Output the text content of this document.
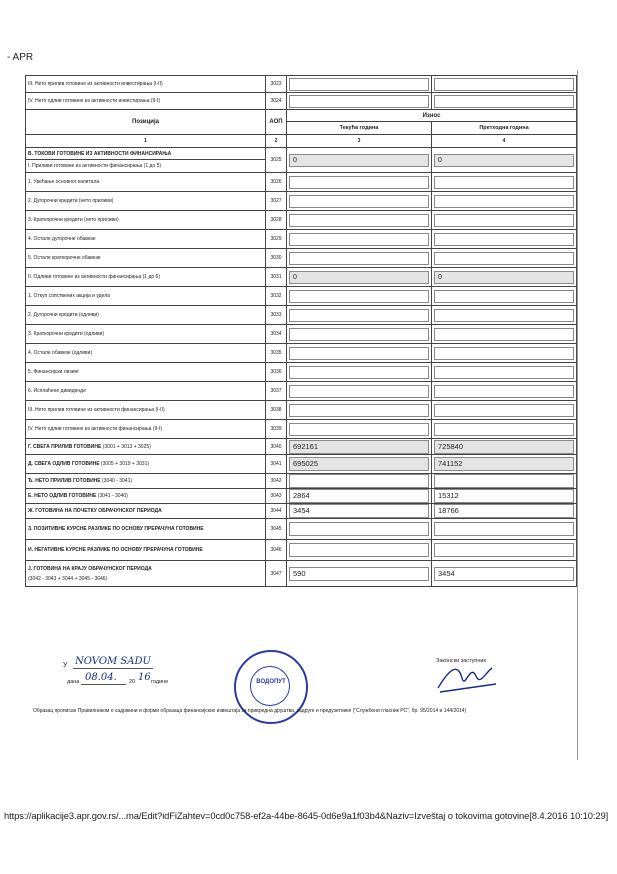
- APR
III. Нето прилив готовине из активности инвестирања (I-II)	3023	

IV. Нето одлив готовине из активности инвестирања (II-I)	3024	

Позиција	АОП	Износ	
		Текућа година	Претходна година
1	2	3	4
В. ТОКОВИ ГОТОВИНЕ ИЗ АКТИВНОСТИ ФИНАНСИРАЊА	3025	0	0

I. Приливи готовине из активности финансирања (1 до 5)			
1. Увећање основног капитала	3026	

2. Дугорочни кредити (нето приливи)	3027	

3. Краткорочни кредити (нето приливи)	3028	

4. Остале дугорочне обавезе	3029	

5. Остале краткорочне обавезе	3030	

II. Одливи готовине из активности финансирања (1 до 6)	3031	0	0

1. Откуп сопствених акција и удела	3032	

2. Дугорочни кредити (одливи)	3033	

3. Краткорочни кредити (одливи)	3034	

4. Остале обавезе (одливи)	3035	

5. Финансијски лизинг	3036	

6. Исплаћене дивиденде	3037	

III. Нето прилив готовине из активности финансирања (I-II)	3038	

IV. Нето одлив готовине из активности финансирања (II-I)	3039	

Г. СВЕГА ПРИЛИВ ГОТОВИНЕ (3001 + 3013 + 3025)	3040	692161	725840

Д. СВЕГА ОДЛИВ ГОТОВИНЕ (3005 + 3019 + 3031)	3041	695025	741152

Ђ. НЕТО ПРИЛИВ ГОТОВИНЕ (3040 - 3041)	3042	

Е. НЕТО ОДЛИВ ГОТОВИНЕ (3041 - 3040)	3043	2864	15312

Ж. ГОТОВИНА НА ПОЧЕТКУ ОБРАЧУНСКОГ ПЕРИОДА	3044	3454	18766

З. ПОЗИТИВНЕ КУРСНЕ РАЗЛИКЕ ПО ОСНОВУ ПРЕРАЧУНА ГОТОВИНЕ	3045	

И. НЕГАТИВНЕ КУРСНЕ РАЗЛИКЕ ПО ОСНОВУ ПРЕРАЧУНА ГОТОВИНЕ	3046	

Ј. ГОТОВИНА НА КРАЈУ ОБРАЧУНСКОГ ПЕРИОДА
(3042 - 3043 + 3044 + 3045 - 3046)	3047	590	3454
У NOVOM SADU
дана 08.04. 20 16 године
Законски заступник
ВОДОПУТ
Образац прописан Правилником о садржини и форми образаца финансијских извештаја за привредна друштва, задруге и предузетнике ("Службени гласник РС", бр. 95/2014 и 144/2014)
https://aplikacije3.apr.gov.rs/...ma/Edit?idFiZahtev=0cd0c758-ef2a-44be-8645-0d6e9a1f03b4&Naziv=Izveštaj o tokovima gotovine[8.4.2016 10:10:29]
